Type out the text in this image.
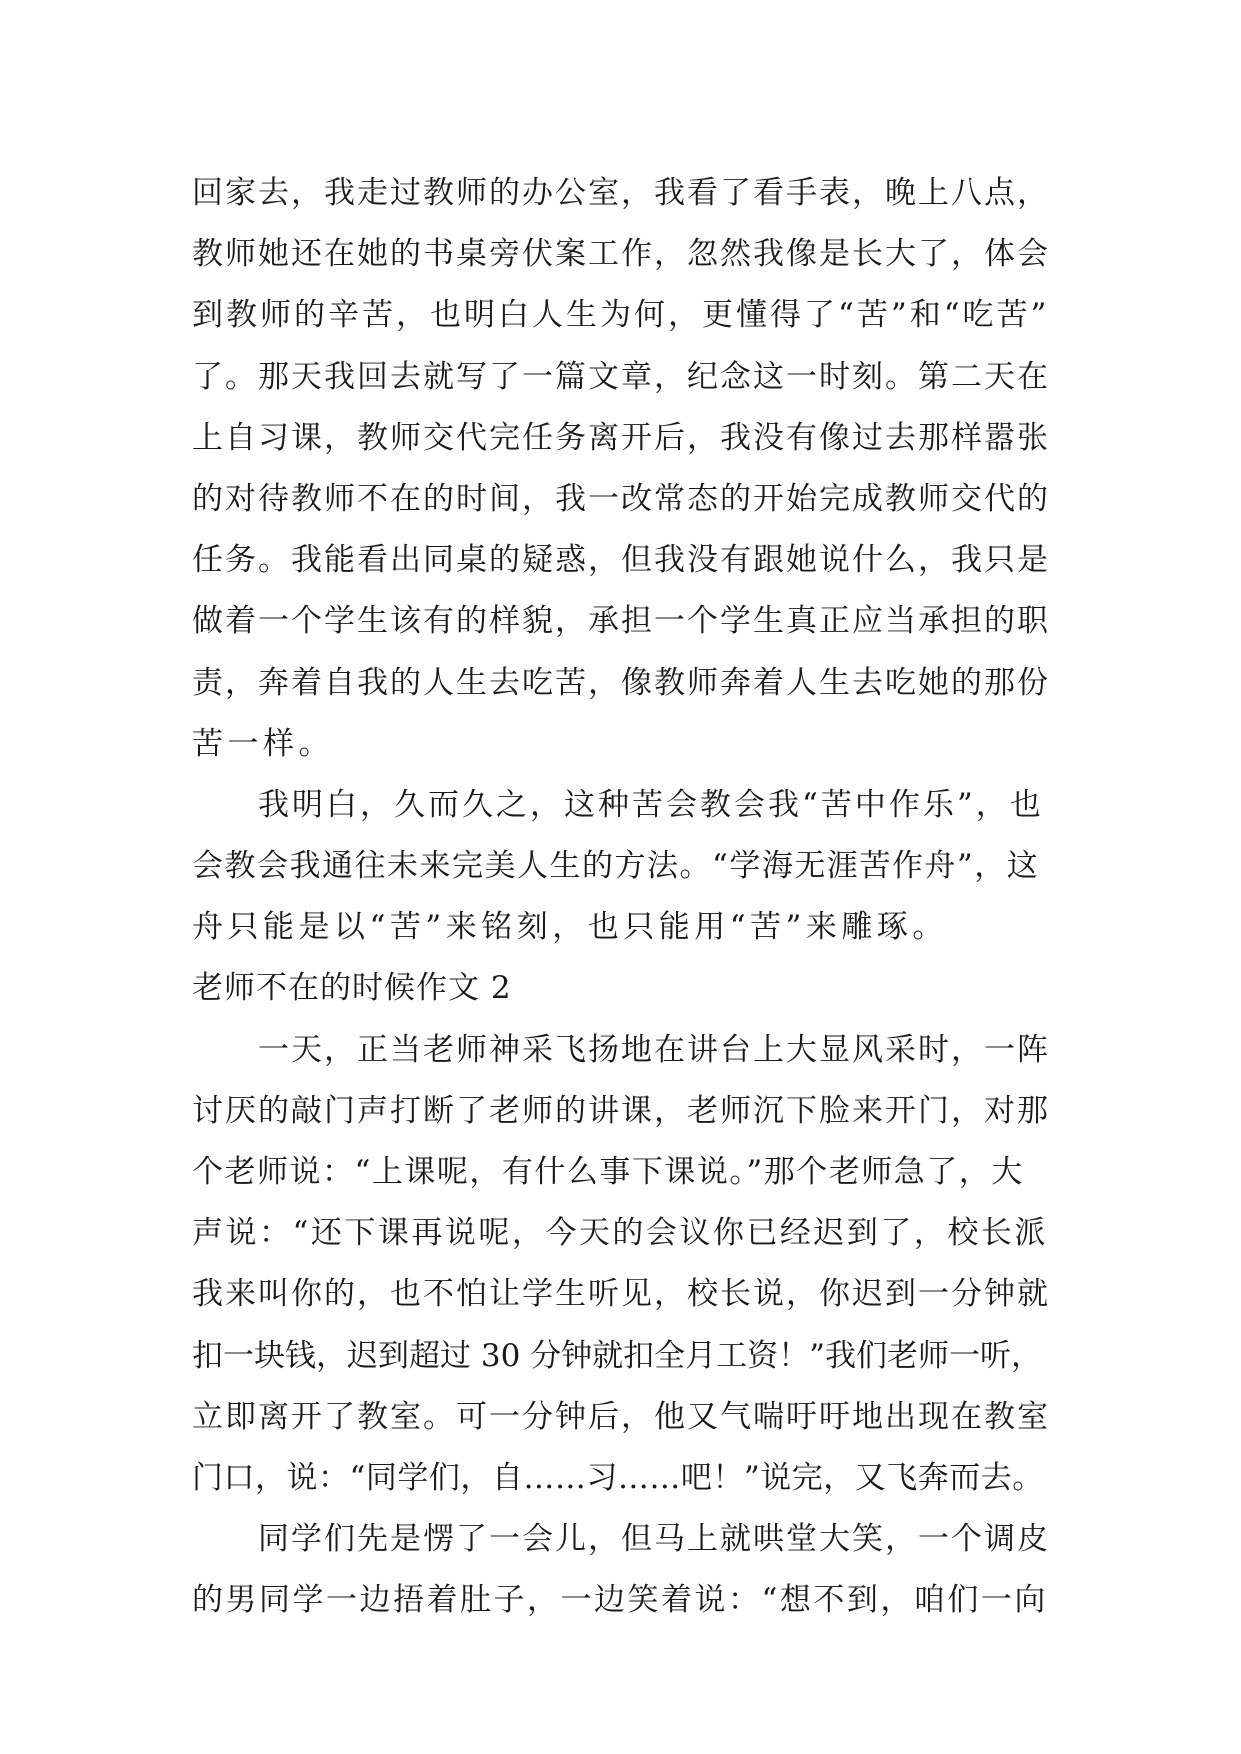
回家去，我走过教师的办公室，我看了看手表，晚上八点，
教师她还在她的书桌旁伏案工作，忽然我像是长大了，体会
到教师的辛苦，也明白人生为何，更懂得了“苦”和“吃苦”
了。那天我回去就写了一篇文章，纪念这一时刻。第二天在
上自习课，教师交代完任务离开后，我没有像过去那样嚣张
的对待教师不在的时间，我一改常态的开始完成教师交代的
任务。我能看出同桌的疑惑，但我没有跟她说什么，我只是
做着一个学生该有的样貌，承担一个学生真正应当承担的职
责，奔着自我的人生去吃苦，像教师奔着人生去吃她的那份
苦一样。
我明白，久而久之，这种苦会教会我“苦中作乐”，也
会教会我通往未来完美人生的方法。“学海无涯苦作舟”，这
舟只能是以“苦”来铭刻，也只能用“苦”来雕琢。
老师不在的时候作文 2
一天，正当老师神采飞扬地在讲台上大显风采时，一阵
讨厌的敲门声打断了老师的讲课，老师沉下脸来开门，对那
个老师说：“上课呢，有什么事下课说。”那个老师急了，大
声说：“还下课再说呢，今天的会议你已经迟到了，校长派
我来叫你的，也不怕让学生听见，校长说，你迟到一分钟就
扣一块钱，迟到超过 30 分钟就扣全月工资！”我们老师一听，
立即离开了教室。可一分钟后，他又气喘吁吁地出现在教室
门口，说：“同学们，自……习……吧！”说完，又飞奔而去。
同学们先是愣了一会儿，但马上就哄堂大笑，一个调皮
的男同学一边捂着肚子，一边笑着说：“想不到，咱们一向
